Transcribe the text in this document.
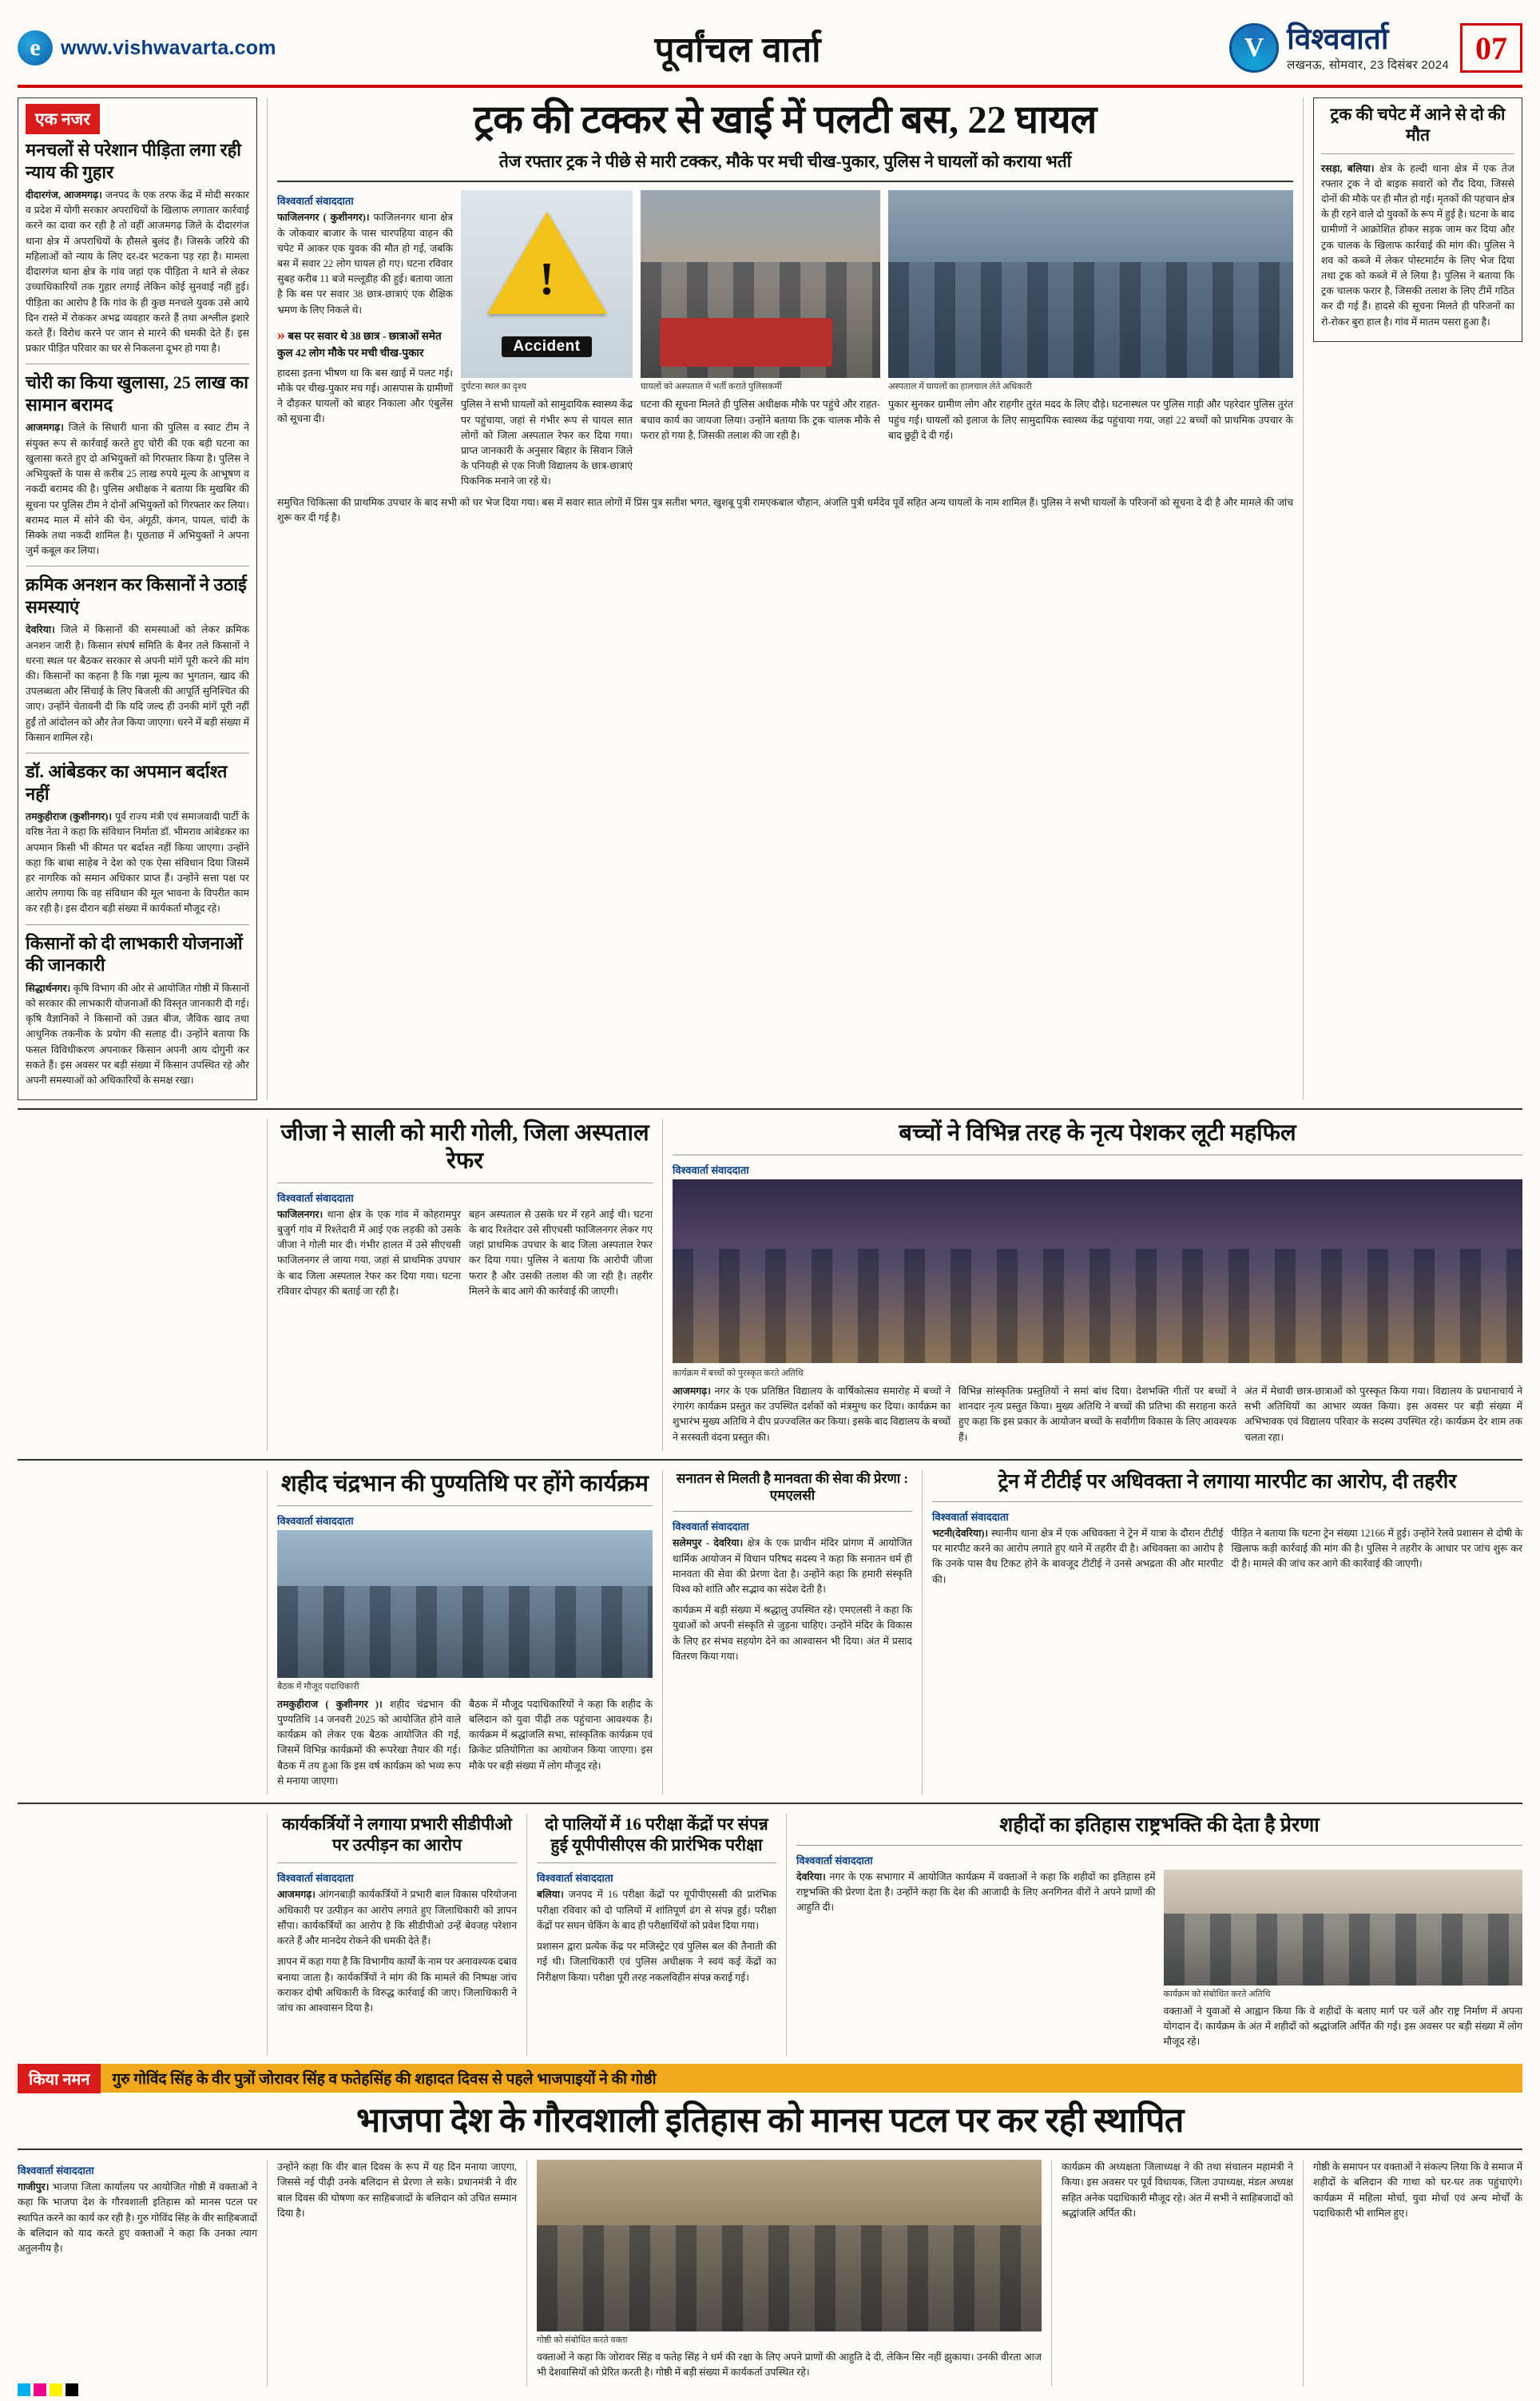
e	www.vishwavarta.com	पूर्वांचल वार्ता	V विश्ववार्ता
लखनऊ, सोमवार, 23 दिसंबर 2024 07
एक नजर
मनचलों से परेशान पीड़िता लगा रही न्याय की गुहार

दीदारगंज, आजमगढ़। जनपद के एक तरफ केंद्र में मोदी सरकार व प्रदेश में योगी सरकार अपराधियों के खिलाफ लगातार कार्रवाई करने का दावा कर रही है तो वहीं आजमगढ़ जिले के दीदारगंज थाना क्षेत्र में अपराधियों के हौसले बुलंद हैं। जिसके जरिये की महिलाओं को न्याय के लिए दर-दर भटकना पड़ रहा है। मामला दीदारगंज थाना क्षेत्र के गांव जहां एक पीड़िता ने थाने से लेकर उच्चाधिकारियों तक गुहार लगाई लेकिन कोई सुनवाई नहीं हुई। पीड़िता का आरोप है कि गांव के ही कुछ मनचले युवक उसे आये दिन रास्ते में रोककर अभद्र व्यवहार करते हैं तथा अश्लील इशारे करते हैं। विरोध करने पर जान से मारने की धमकी देते हैं। इस प्रकार पीड़ित परिवार का घर से निकलना दूभर हो गया है।

चोरी का किया खुलासा, 25 लाख का सामान बरामद

आजमगढ़। जिले के सिधारी थाना की पुलिस व स्वाट टीम ने संयुक्त रूप से कार्रवाई करते हुए चोरी की एक बड़ी घटना का खुलासा करते हुए दो अभियुक्तों को गिरफ्तार किया है। पुलिस ने अभियुक्तों के पास से करीब 25 लाख रुपये मूल्य के आभूषण व नकदी बरामद की है। पुलिस अधीक्षक ने बताया कि मुखबिर की सूचना पर पुलिस टीम ने दोनों अभियुक्तों को गिरफ्तार कर लिया। बरामद माल में सोने की चेन, अंगूठी, कंगन, पायल, चांदी के सिक्के तथा नकदी शामिल है। पूछताछ में अभियुक्तों ने अपना जुर्म कबूल कर लिया।

क्रमिक अनशन कर किसानों ने उठाई समस्याएं

देवरिया। जिले में किसानों की समस्याओं को लेकर क्रमिक अनशन जारी है। किसान संघर्ष समिति के बैनर तले किसानों ने धरना स्थल पर बैठकर सरकार से अपनी मांगें पूरी करने की मांग की। किसानों का कहना है कि गन्ना मूल्य का भुगतान, खाद की उपलब्धता और सिंचाई के लिए बिजली की आपूर्ति सुनिश्चित की जाए। उन्होंने चेतावनी दी कि यदि जल्द ही उनकी मांगें पूरी नहीं हुईं तो आंदोलन को और तेज किया जाएगा। धरने में बड़ी संख्या में किसान शामिल रहे।

डॉ. आंबेडकर का अपमान बर्दाश्त नहीं

तमकुहीराज (कुशीनगर)। पूर्व राज्य मंत्री एवं समाजवादी पार्टी के वरिष्ठ नेता ने कहा कि संविधान निर्माता डॉ. भीमराव आंबेडकर का अपमान किसी भी कीमत पर बर्दाश्त नहीं किया जाएगा। उन्होंने कहा कि बाबा साहेब ने देश को एक ऐसा संविधान दिया जिसमें हर नागरिक को समान अधिकार प्राप्त हैं। उन्होंने सत्ता पक्ष पर आरोप लगाया कि वह संविधान की मूल भावना के विपरीत काम कर रही है। इस दौरान बड़ी संख्या में कार्यकर्ता मौजूद रहे।

किसानों को दी लाभकारी योजनाओं की जानकारी

सिद्धार्थनगर। कृषि विभाग की ओर से आयोजित गोष्ठी में किसानों को सरकार की लाभकारी योजनाओं की विस्तृत जानकारी दी गई। कृषि वैज्ञानिकों ने किसानों को उन्नत बीज, जैविक खाद तथा आधुनिक तकनीक के प्रयोग की सलाह दी। उन्होंने बताया कि फसल विविधीकरण अपनाकर किसान अपनी आय दोगुनी कर सकते हैं। इस अवसर पर बड़ी संख्या में किसान उपस्थित रहे और अपनी समस्याओं को अधिकारियों के समक्ष रखा।

ट्रक की टक्कर से खाई में पलटी बस, 22 घायल
तेज रफ्तार ट्रक ने पीछे से मारी टक्कर, मौके पर मची चीख-पुकार, पुलिस ने घायलों को कराया भर्ती
विश्ववार्ता संवाददाता

फाजिलनगर ( कुशीनगर)। फाजिलनगर थाना क्षेत्र के जोकवार बाजार के पास चारपहिया वाहन की चपेट में आकर एक युवक की मौत हो गई, जबकि बस में सवार 22 लोग घायल हो गए। घटना रविवार सुबह करीब 11 बजे मल्लूडीह की हुई। बताया जाता है कि बस पर सवार 38 छात्र-छात्राएं एक शैक्षिक भ्रमण के लिए निकले थे।

» बस पर सवार थे 38 छात्र - छात्राओं समेत कुल 42 लोग मौके पर मची चीख-पुकार

हादसा इतना भीषण था कि बस खाई में पलट गई। मौके पर चीख-पुकार मच गई। आसपास के ग्रामीणों ने दौड़कर घायलों को बाहर निकाला और एंबुलेंस को सूचना दी।

!
Accident
दुर्घटना स्थल का दृश्य

पुलिस ने सभी घायलों को सामुदायिक स्वास्थ्य केंद्र पर पहुंचाया, जहां से गंभीर रूप से घायल सात लोगों को जिला अस्पताल रेफर कर दिया गया। प्राप्त जानकारी के अनुसार बिहार के सिवान जिले के पनियही से एक निजी विद्यालय के छात्र-छात्राएं पिकनिक मनाने जा रहे थे।

घायलों को अस्पताल में भर्ती कराते पुलिसकर्मी

घटना की सूचना मिलते ही पुलिस अधीक्षक मौके पर पहुंचे और राहत-बचाव कार्य का जायजा लिया। उन्होंने बताया कि ट्रक चालक मौके से फरार हो गया है, जिसकी तलाश की जा रही है।

अस्पताल में घायलों का हालचाल लेते अधिकारी

पुकार सुनकर ग्रामीण लोग और राहगीर तुरंत मदद के लिए दौड़े। घटनास्थल पर पुलिस गाड़ी और पहरेदार पुलिस तुरंत पहुंच गई। घायलों को इलाज के लिए सामुदायिक स्वास्थ्य केंद्र पहुंचाया गया, जहां 22 बच्चों को प्राथमिक उपचार के बाद छुट्टी दे दी गई।

समुचित चिकित्सा की प्राथमिक उपचार के बाद सभी को घर भेज दिया गया। बस में सवार सात लोगों में प्रिंस पुत्र सतीश भगत, खुशबू पुत्री रामएकबाल चौहान, अंजलि पुत्री धर्मदेव पूर्वे सहित अन्य घायलों के नाम शामिल हैं। पुलिस ने सभी घायलों के परिजनों को सूचना दे दी है और मामले की जांच शुरू कर दी गई है।

ट्रक की चपेट में आने से दो की मौत

रसड़ा, बलिया। क्षेत्र के हल्दी थाना क्षेत्र में एक तेज रफ्तार ट्रक ने दो बाइक सवारों को रौंद दिया, जिससे दोनों की मौके पर ही मौत हो गई। मृतकों की पहचान क्षेत्र के ही रहने वाले दो युवकों के रूप में हुई है। घटना के बाद ग्रामीणों ने आक्रोशित होकर सड़क जाम कर दिया और ट्रक चालक के खिलाफ कार्रवाई की मांग की। पुलिस ने शव को कब्जे में लेकर पोस्टमार्टम के लिए भेज दिया तथा ट्रक को कब्जे में ले लिया है। पुलिस ने बताया कि ट्रक चालक फरार है, जिसकी तलाश के लिए टीमें गठित कर दी गई हैं। हादसे की सूचना मिलते ही परिजनों का रो-रोकर बुरा हाल है। गांव में मातम पसरा हुआ है।

जीजा ने साली को मारी गोली, जिला अस्पताल रेफर
विश्ववार्ता संवाददाता

फाजिलनगर। थाना क्षेत्र के एक गांव में कोहरामपुर बुजुर्ग गांव में रिश्तेदारी में आई एक लड़की को उसके जीजा ने गोली मार दी। गंभीर हालत में उसे सीएचसी फाजिलनगर ले जाया गया, जहां से प्राथमिक उपचार के बाद जिला अस्पताल रेफर कर दिया गया। घटना रविवार दोपहर की बताई जा रही है।

बहन अस्पताल से उसके घर में रहने आई थी। घटना के बाद रिश्तेदार उसे सीएचसी फाजिलनगर लेकर गए जहां प्राथमिक उपचार के बाद जिला अस्पताल रेफर कर दिया गया। पुलिस ने बताया कि आरोपी जीजा फरार है और उसकी तलाश की जा रही है। तहरीर मिलने के बाद आगे की कार्रवाई की जाएगी।

बच्चों ने विभिन्न तरह के नृत्य पेशकर लूटी महफिल
विश्ववार्ता संवाददाता
कार्यक्रम में बच्चों को पुरस्कृत करते अतिथि

आजमगढ़। नगर के एक प्रतिष्ठित विद्यालय के वार्षिकोत्सव समारोह में बच्चों ने रंगारंग कार्यक्रम प्रस्तुत कर उपस्थित दर्शकों को मंत्रमुग्ध कर दिया। कार्यक्रम का शुभारंभ मुख्य अतिथि ने दीप प्रज्ज्वलित कर किया। इसके बाद विद्यालय के बच्चों ने सरस्वती वंदना प्रस्तुत की।

विभिन्न सांस्कृतिक प्रस्तुतियों ने समां बांध दिया। देशभक्ति गीतों पर बच्चों ने शानदार नृत्य प्रस्तुत किया। मुख्य अतिथि ने बच्चों की प्रतिभा की सराहना करते हुए कहा कि इस प्रकार के आयोजन बच्चों के सर्वांगीण विकास के लिए आवश्यक हैं।

अंत में मेधावी छात्र-छात्राओं को पुरस्कृत किया गया। विद्यालय के प्रधानाचार्य ने सभी अतिथियों का आभार व्यक्त किया। इस अवसर पर बड़ी संख्या में अभिभावक एवं विद्यालय परिवार के सदस्य उपस्थित रहे। कार्यक्रम देर शाम तक चलता रहा।

शहीद चंद्रभान की पुण्यतिथि पर होंगे कार्यक्रम
विश्ववार्ता संवाददाता
बैठक में मौजूद पदाधिकारी

तमकुहीराज ( कुशीनगर )। शहीद चंद्रभान की पुण्यतिथि 14 जनवरी 2025 को आयोजित होने वाले कार्यक्रम को लेकर एक बैठक आयोजित की गई, जिसमें विभिन्न कार्यक्रमों की रूपरेखा तैयार की गई। बैठक में तय हुआ कि इस वर्ष कार्यक्रम को भव्य रूप से मनाया जाएगा।

बैठक में मौजूद पदाधिकारियों ने कहा कि शहीद के बलिदान को युवा पीढ़ी तक पहुंचाना आवश्यक है। कार्यक्रम में श्रद्धांजलि सभा, सांस्कृतिक कार्यक्रम एवं क्रिकेट प्रतियोगिता का आयोजन किया जाएगा। इस मौके पर बड़ी संख्या में लोग मौजूद रहे।

सनातन से मिलती है मानवता की सेवा की प्रेरणा : एमएलसी
विश्ववार्ता संवाददाता

सलेमपुर - देवरिया। क्षेत्र के एक प्राचीन मंदिर प्रांगण में आयोजित धार्मिक आयोजन में विधान परिषद सदस्य ने कहा कि सनातन धर्म ही मानवता की सेवा की प्रेरणा देता है। उन्होंने कहा कि हमारी संस्कृति विश्व को शांति और सद्भाव का संदेश देती है।

कार्यक्रम में बड़ी संख्या में श्रद्धालु उपस्थित रहे। एमएलसी ने कहा कि युवाओं को अपनी संस्कृति से जुड़ना चाहिए। उन्होंने मंदिर के विकास के लिए हर संभव सहयोग देने का आश्वासन भी दिया। अंत में प्रसाद वितरण किया गया।

ट्रेन में टीटीई पर अधिवक्ता ने लगाया मारपीट का आरोप, दी तहरीर
विश्ववार्ता संवाददाता

भटनी(देवरिया)। स्थानीय थाना क्षेत्र में एक अधिवक्ता ने ट्रेन में यात्रा के दौरान टीटीई पर मारपीट करने का आरोप लगाते हुए थाने में तहरीर दी है। अधिवक्ता का आरोप है कि उनके पास वैध टिकट होने के बावजूद टीटीई ने उनसे अभद्रता की और मारपीट की।

पीड़ित ने बताया कि घटना ट्रेन संख्या 12166 में हुई। उन्होंने रेलवे प्रशासन से दोषी के खिलाफ कड़ी कार्रवाई की मांग की है। पुलिस ने तहरीर के आधार पर जांच शुरू कर दी है। मामले की जांच कर आगे की कार्रवाई की जाएगी।

कार्यकर्त्रियों ने लगाया प्रभारी सीडीपीओ पर उत्पीड़न का आरोप
विश्ववार्ता संवाददाता

आजमगढ़। आंगनबाड़ी कार्यकर्त्रियों ने प्रभारी बाल विकास परियोजना अधिकारी पर उत्पीड़न का आरोप लगाते हुए जिलाधिकारी को ज्ञापन सौंपा। कार्यकर्त्रियों का आरोप है कि सीडीपीओ उन्हें बेवजह परेशान करते हैं और मानदेय रोकने की धमकी देते हैं।

ज्ञापन में कहा गया है कि विभागीय कार्यों के नाम पर अनावश्यक दबाव बनाया जाता है। कार्यकर्त्रियों ने मांग की कि मामले की निष्पक्ष जांच कराकर दोषी अधिकारी के विरुद्ध कार्रवाई की जाए। जिलाधिकारी ने जांच का आश्वासन दिया है।

दो पालियों में 16 परीक्षा केंद्रों पर संपन्न हुई यूपीपीसीएस की प्रारंभिक परीक्षा
विश्ववार्ता संवाददाता

बलिया। जनपद में 16 परीक्षा केंद्रों पर यूपीपीएससी की प्रारंभिक परीक्षा रविवार को दो पालियों में शांतिपूर्ण ढंग से संपन्न हुई। परीक्षा केंद्रों पर सघन चेकिंग के बाद ही परीक्षार्थियों को प्रवेश दिया गया।

प्रशासन द्वारा प्रत्येक केंद्र पर मजिस्ट्रेट एवं पुलिस बल की तैनाती की गई थी। जिलाधिकारी एवं पुलिस अधीक्षक ने स्वयं कई केंद्रों का निरीक्षण किया। परीक्षा पूरी तरह नकलविहीन संपन्न कराई गई।

शहीदों का इतिहास राष्ट्रभक्ति की देता है प्रेरणा
विश्ववार्ता संवाददाता

देवरिया। नगर के एक सभागार में आयोजित कार्यक्रम में वक्ताओं ने कहा कि शहीदों का इतिहास हमें राष्ट्रभक्ति की प्रेरणा देता है। उन्होंने कहा कि देश की आजादी के लिए अनगिनत वीरों ने अपने प्राणों की आहुति दी।

कार्यक्रम को संबोधित करते अतिथि

वक्ताओं ने युवाओं से आह्वान किया कि वे शहीदों के बताए मार्ग पर चलें और राष्ट्र निर्माण में अपना योगदान दें। कार्यक्रम के अंत में शहीदों को श्रद्धांजलि अर्पित की गई। इस अवसर पर बड़ी संख्या में लोग मौजूद रहे।

किया नमन	गुरु गोविंद सिंह के वीर पुत्रों जोरावर सिंह व फतेहसिंह की शहादत दिवस से पहले भाजपाइयों ने की गोष्ठी
भाजपा देश के गौरवशाली इतिहास को मानस पटल पर कर रही स्थापित
विश्ववार्ता संवाददाता

गाजीपुर। भाजपा जिला कार्यालय पर आयोजित गोष्ठी में वक्ताओं ने कहा कि भाजपा देश के गौरवशाली इतिहास को मानस पटल पर स्थापित करने का कार्य कर रही है। गुरु गोविंद सिंह के वीर साहिबजादों के बलिदान को याद करते हुए वक्ताओं ने कहा कि उनका त्याग अतुलनीय है।

उन्होंने कहा कि वीर बाल दिवस के रूप में यह दिन मनाया जाएगा, जिससे नई पीढ़ी उनके बलिदान से प्रेरणा ले सके। प्रधानमंत्री ने वीर बाल दिवस की घोषणा कर साहिबजादों के बलिदान को उचित सम्मान दिया है।

गोष्ठी को संबोधित करते वक्ता

वक्ताओं ने कहा कि जोरावर सिंह व फतेह सिंह ने धर्म की रक्षा के लिए अपने प्राणों की आहुति दे दी, लेकिन सिर नहीं झुकाया। उनकी वीरता आज भी देशवासियों को प्रेरित करती है। गोष्ठी में बड़ी संख्या में कार्यकर्ता उपस्थित रहे।

कार्यक्रम की अध्यक्षता जिलाध्यक्ष ने की तथा संचालन महामंत्री ने किया। इस अवसर पर पूर्व विधायक, जिला उपाध्यक्ष, मंडल अध्यक्ष सहित अनेक पदाधिकारी मौजूद रहे। अंत में सभी ने साहिबजादों को श्रद्धांजलि अर्पित की।

गोष्ठी के समापन पर वक्ताओं ने संकल्प लिया कि वे समाज में शहीदों के बलिदान की गाथा को घर-घर तक पहुंचाएंगे। कार्यक्रम में महिला मोर्चा, युवा मोर्चा एवं अन्य मोर्चों के पदाधिकारी भी शामिल हुए।
